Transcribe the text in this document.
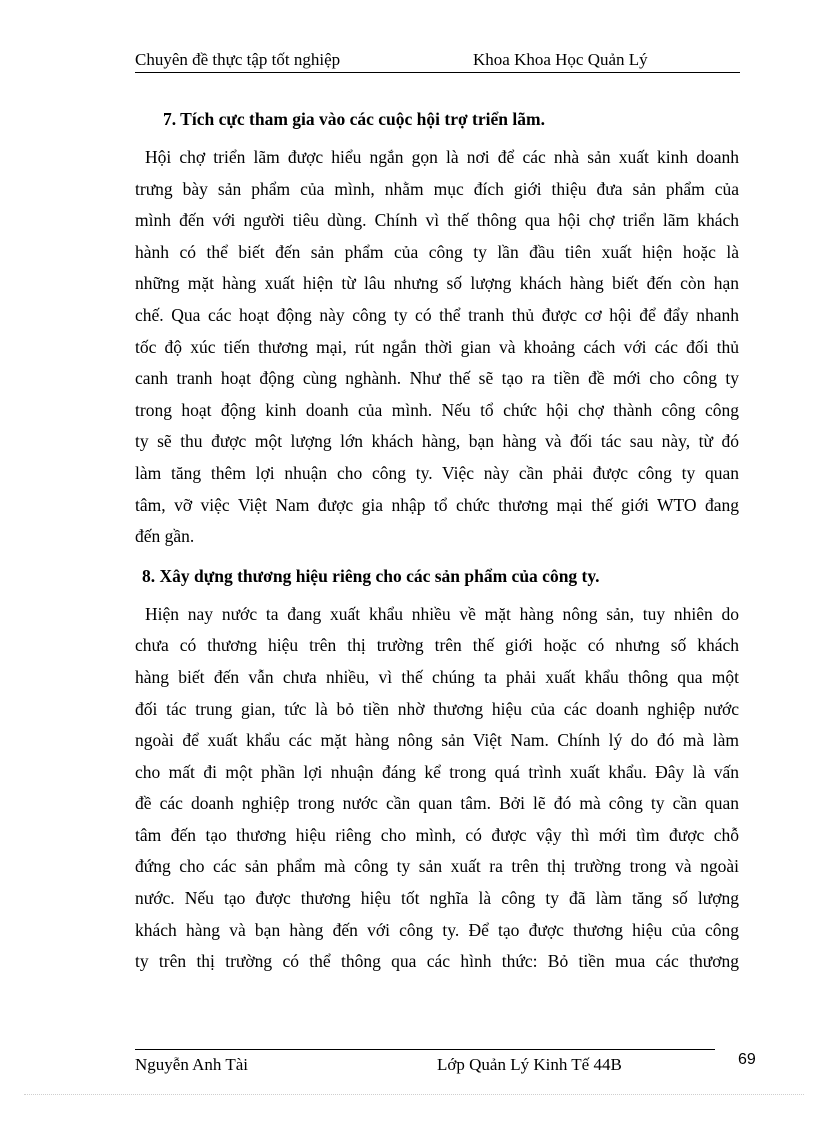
Chuyên đề thực tập tốt nghiệp	Khoa Khoa Học Quản Lý

7. Tích cực tham gia vào các cuộc hội trợ triển lãm.

Hội chợ triển lãm được hiểu ngắn gọn là nơi để các nhà sản xuất kinh doanh
trưng bày sản phẩm của mình, nhằm mục đích giới thiệu đưa sản phẩm của
mình đến với người tiêu dùng. Chính vì thế thông qua hội chợ triển lãm khách
hành có thể biết đến sản phẩm của công ty lần đầu tiên xuất hiện hoặc là
những mặt hàng xuất hiện từ lâu nhưng số lượng khách hàng biết đến còn hạn
chế. Qua các hoạt động này công ty có thể tranh thủ được cơ hội để đẩy nhanh
tốc độ xúc tiến thương mại, rút ngắn thời gian và khoảng cách với các đối thủ
canh tranh hoạt động cùng nghành. Như thế sẽ tạo ra tiền đề mới cho công ty
trong hoạt động kinh doanh của mình. Nếu tổ chức hội chợ thành công công
ty sẽ thu được một lượng lớn khách hàng, bạn hàng và đối tác sau này, từ đó
làm tăng thêm lợi nhuận cho công ty. Việc này cần phải được công ty quan
tâm, vỡ việc Việt Nam được gia nhập tổ chức thương mại thế giới WTO đang
đến gần.

8. Xây dựng thương hiệu riêng cho các sản phẩm của công ty.

Hiện nay nước ta đang xuất khẩu nhiều về mặt hàng nông sản, tuy nhiên do
chưa có thương hiệu trên thị trường trên thế giới hoặc có nhưng số khách
hàng biết đến vẫn chưa nhiều, vì thế chúng ta phải xuất khẩu thông qua một
đối tác trung gian, tức là bỏ tiền nhờ thương hiệu của các doanh nghiệp nước
ngoài để xuất khẩu các mặt hàng nông sản Việt Nam. Chính lý do đó mà làm
cho mất đi một phần lợi nhuận đáng kể trong quá trình xuất khẩu. Đây là vấn
đề các doanh nghiệp trong nước cần quan tâm. Bởi lẽ đó mà công ty cần quan
tâm đến tạo thương hiệu riêng cho mình, có được vậy thì mới tìm được chỗ
đứng cho các sản phẩm mà công ty sản xuất ra trên thị trường trong và ngoài
nước. Nếu tạo được thương hiệu tốt nghĩa là công ty đã làm tăng số lượng
khách hàng và bạn hàng đến với công ty. Để tạo được thương hiệu của công
ty trên thị trường có thể thông qua các hình thức: Bỏ tiền mua các thương

Nguyễn Anh Tài	Lớp Quản Lý Kinh Tế 44B	69
